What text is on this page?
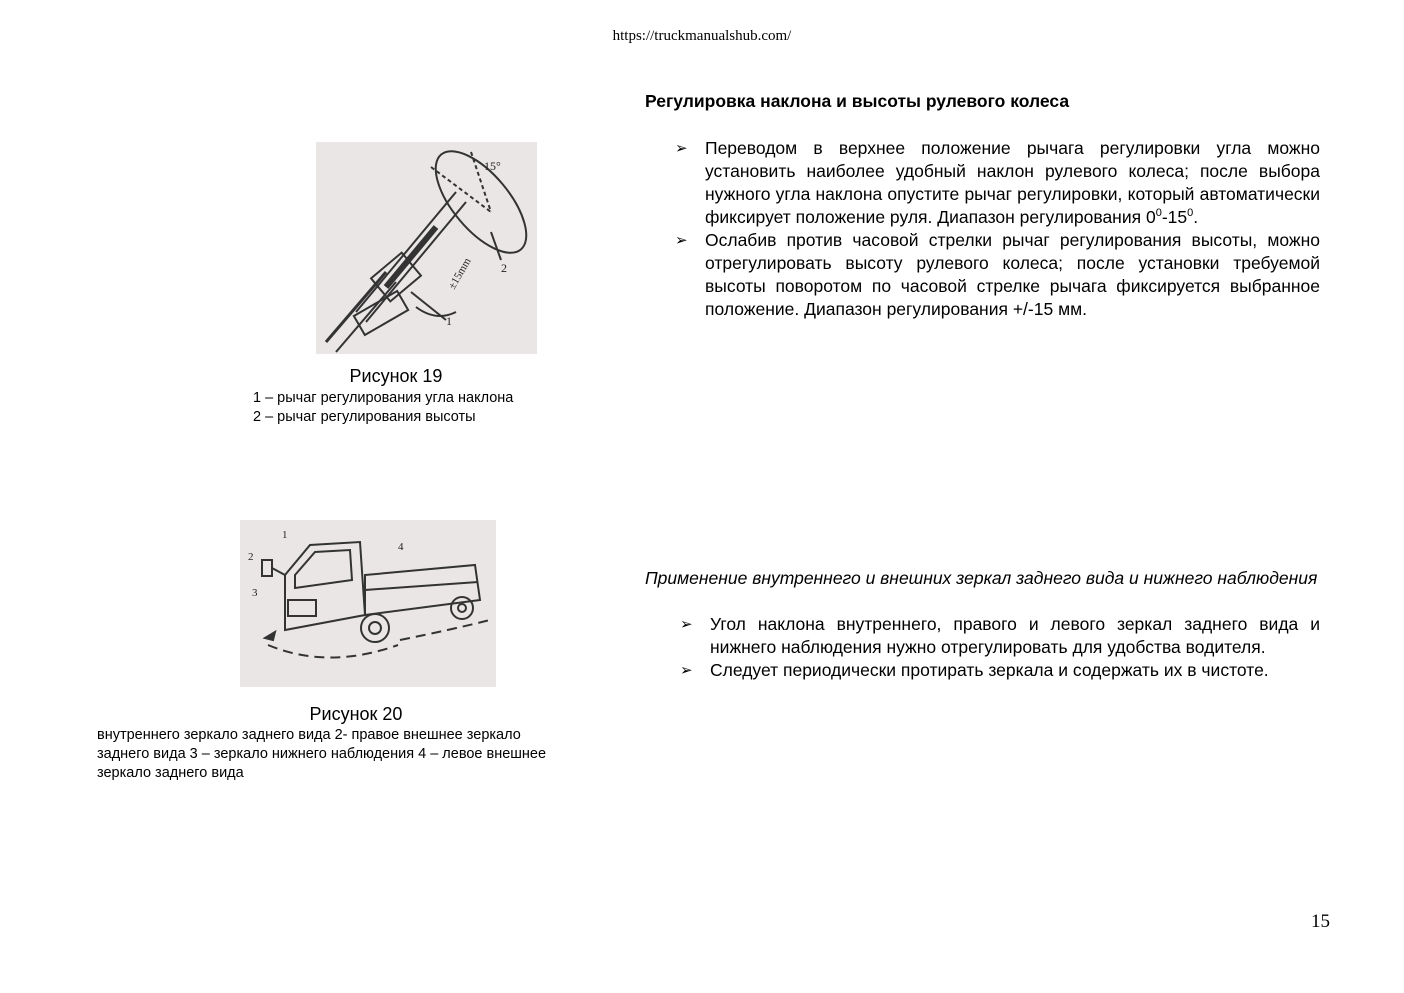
https://truckmanualshub.com/
15°
±15mm
1
2
Рисунок 19
1 – рычаг регулирования угла наклона
2 – рычаг регулирования высоты
1
2
3
4
Рисунок 20
внутреннего зеркало заднего вида 2- правое внешнее зеркало
заднего вида 3 – зеркало нижнего наблюдения 4 – левое внешнее
зеркало заднего вида
Регулировка наклона и высоты рулевого колеса
➢ Переводом в верхнее положение рычага регулировки угла можно установить наиболее удобный наклон рулевого колеса; после выбора нужного угла наклона опустите рычаг регулировки, который автоматически фиксирует положение руля. Диапазон регулирования $0^0-15^0$.
➢ Ослабив против часовой стрелки рычаг регулирования высоты, можно отрегулировать высоту рулевого колеса; после установки требуемой высоты поворотом по часовой стрелке рычага фиксируется выбранное положение. Диапазон регулирования +/-15 мм.
Применение внутреннего и внешних зеркал заднего вида и нижнего наблюдения
➢ Угол наклона внутреннего, правого и левого зеркал заднего вида и нижнего наблюдения нужно отрегулировать для удобства водителя.
➢ Следует периодически протирать зеркала и содержать их в чистоте.
15
